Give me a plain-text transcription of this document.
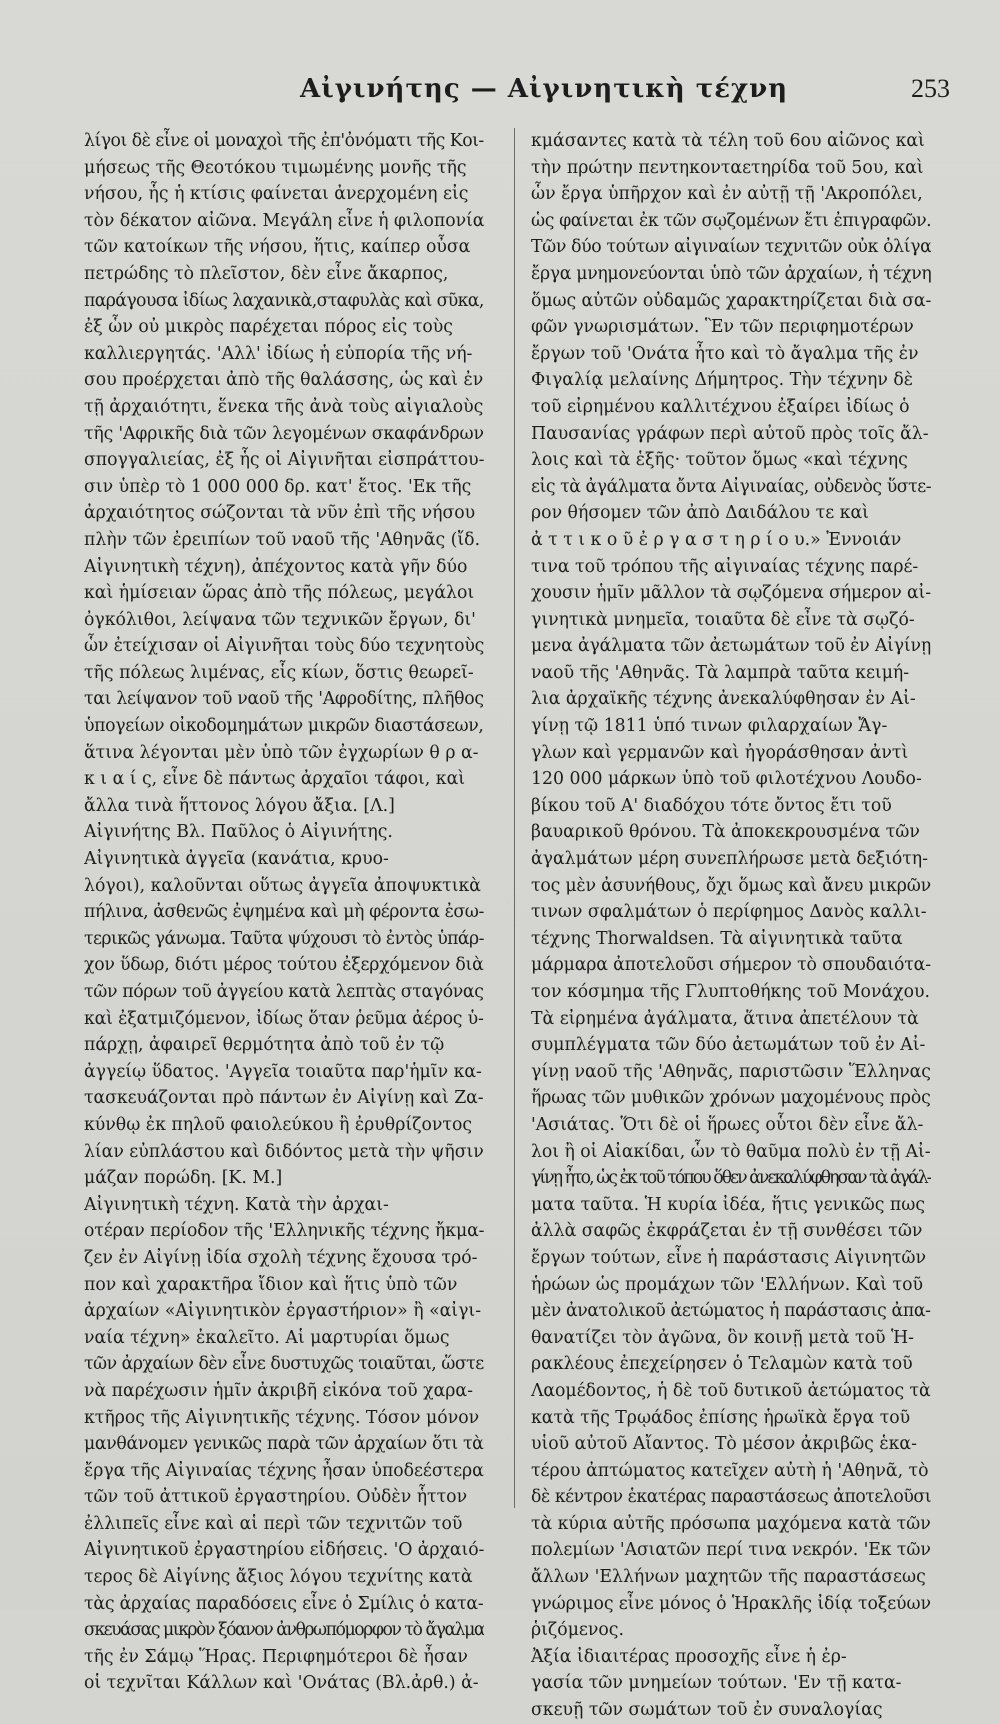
Αἰγινήτης — Αἰγινητικὴ τέχνη	253
λίγοι δὲ εἶνε οἱ μοναχοὶ τῆς ἐπ'ὀνόματι τῆς Κοι-
μήσεως τῆς Θεοτόκου τιμωμένης μονῆς τῆς
νήσου, ἧς ἡ κτίσις φαίνεται ἀνερχομένη εἰς
τὸν δέκατον αἰῶνα. Μεγάλη εἶνε ἡ φιλοπονία
τῶν κατοίκων τῆς νήσου, ἥτις, καίπερ οὖσα
πετρώδης τὸ πλεῖστον, δὲν εἶνε ἄκαρπος,
παράγουσα ἰδίως λαχανικὰ,σταφυλὰς καὶ σῦκα,
ἐξ ὧν οὐ μικρὸς παρέχεται πόρος εἰς τοὺς
καλλιεργητάς. 'Αλλ' ἰδίως ἡ εὐπορία τῆς νή-
σου προέρχεται ἀπὸ τῆς θαλάσσης, ὡς καὶ ἐν
τῇ ἀρχαιότητι, ἕνεκα τῆς ἀνὰ τοὺς αἰγιαλοὺς
τῆς 'Αφρικῆς διὰ τῶν λεγομένων σκαφάνδρων
σπογγαλιείας, ἐξ ἧς οἱ Αἰγινῆται εἰσπράττου-
σιν ὑπὲρ τὸ 1 000 000 δρ. κατ' ἔτος. 'Εκ τῆς
ἀρχαιότητος σώζονται τὰ νῦν ἐπὶ τῆς νήσου
πλὴν τῶν ἐρειπίων τοῦ ναοῦ τῆς 'Αθηνᾶς (ἴδ.
Αἰγινητικὴ τέχνη), ἀπέχοντος κατὰ γῆν δύο
καὶ ἡμίσειαν ὥρας ἀπὸ τῆς πόλεως, μεγάλοι
ὀγκόλιθοι, λείψανα τῶν τεχνικῶν ἔργων, δι'
ὧν ἐτείχισαν οἱ Αἰγινῆται τοὺς δύο τεχνητοὺς
τῆς πόλεως λιμένας, εἷς κίων, ὅστις θεωρεῖ-
ται λείψανον τοῦ ναοῦ τῆς 'Αφροδίτης, πλῆθος
ὑπογείων οἰκοδομημάτων μικρῶν διαστάσεων,
ἅτινα λέγονται μὲν ὑπὸ τῶν ἐγχωρίων θ ρ α-
κ ι α ί ς, εἶνε δὲ πάντως ἀρχαῖοι τάφοι, καὶ
ἄλλα τινὰ ἥττονος λόγου ἄξια. [Λ.]
Αἰγινήτης Βλ. Παῦλος ὁ Αἰγινήτης.
Αἰγινητικὰ ἀγγεῖα (κανάτια, κρυο-
λόγοι), καλοῦνται οὕτως ἀγγεῖα ἀποψυκτικὰ
πήλινα, ἀσθενῶς ἐψημένα καὶ μὴ φέροντα ἐσω-
τερικῶς γάνωμα. Ταῦτα ψύχουσι τὸ ἐντὸς ὑπάρ-
χον ὕδωρ, διότι μέρος τούτου ἐξερχόμενον διὰ
τῶν πόρων τοῦ ἀγγείου κατὰ λεπτὰς σταγόνας
καὶ ἐξατμιζόμενον, ἰδίως ὅταν ῥεῦμα ἀέρος ὑ-
πάρχῃ, ἀφαιρεῖ θερμότητα ἀπὸ τοῦ ἐν τῷ
ἀγγείῳ ὕδατος. 'Αγγεῖα τοιαῦτα παρ'ἡμῖν κα-
τασκευάζονται πρὸ πάντων ἐν Αἰγίνῃ καὶ Ζα-
κύνθῳ ἐκ πηλοῦ φαιολεύκου ἢ ἐρυθρίζοντος
λίαν εὐπλάστου καὶ διδόντος μετὰ τὴν ψῆσιν
μάζαν πορώδη. [Κ. Μ.]
Αἰγινητικὴ τέχνη. Κατὰ τὴν ἀρχαι-
οτέραν περίοδον τῆς 'Ελληνικῆς τέχνης ἤκμα-
ζεν ἐν Αἰγίνῃ ἰδία σχολὴ τέχνης ἔχουσα τρό-
πον καὶ χαρακτῆρα ἴδιον καὶ ἥτις ὑπὸ τῶν
ἀρχαίων «Αἰγινητικὸν ἐργαστήριον» ἢ «αἰγι-
ναία τέχνη» ἐκαλεῖτο. Αἱ μαρτυρίαι ὅμως
τῶν ἀρχαίων δὲν εἶνε δυστυχῶς τοιαῦται, ὥστε
νὰ παρέχωσιν ἡμῖν ἀκριβῆ εἰκόνα τοῦ χαρα-
κτῆρος τῆς Αἰγινητικῆς τέχνης. Τόσον μόνον
μανθάνομεν γενικῶς παρὰ τῶν ἀρχαίων ὅτι τὰ
ἔργα τῆς Αἰγιναίας τέχνης ἦσαν ὑποδεέστερα
τῶν τοῦ ἀττικοῦ ἐργαστηρίου. Οὐδὲν ἧττον
ἐλλιπεῖς εἶνε καὶ αἱ περὶ τῶν τεχνιτῶν τοῦ
Αἰγινητικοῦ ἐργαστηρίου εἰδήσεις. 'Ο ἀρχαιό-
τερος δὲ Αἰγίνης ἄξιος λόγου τεχνίτης κατὰ
τὰς ἀρχαίας παραδόσεις εἶνε ὁ Σμίλις ὁ κατα-
σκευάσας μικρὸν ξόανον ἀνθρωπόμορφον τὸ ἄγαλμα
τῆς ἐν Σάμῳ Ἥρας. Περιφημότεροι δὲ ἦσαν
οἱ τεχνῖται Κάλλων καὶ 'Ονάτας (Βλ.ἀρθ.) ἀ-
κμάσαντες κατὰ τὰ τέλη τοῦ 6ου αἰῶνος καὶ
τὴν πρώτην πεντηκονταετηρίδα τοῦ 5ου, καὶ
ὧν ἔργα ὑπῆρχον καὶ ἐν αὐτῇ τῇ 'Ακροπόλει,
ὡς φαίνεται ἐκ τῶν σῳζομένων ἔτι ἐπιγραφῶν.
Τῶν δύο τούτων αἰγιναίων τεχνιτῶν οὐκ ὀλίγα
ἔργα μνημονεύονται ὑπὸ τῶν ἀρχαίων, ἡ τέχνη
ὅμως αὐτῶν οὐδαμῶς χαρακτηρίζεται διὰ σα-
φῶν γνωρισμάτων. Ἓν τῶν περιφημοτέρων
ἔργων τοῦ 'Ονάτα ἦτο καὶ τὸ ἄγαλμα τῆς ἐν
Φιγαλίᾳ μελαίνης Δήμητρος. Τὴν τέχνην δὲ
τοῦ εἰρημένου καλλιτέχνου ἐξαίρει ἰδίως ὁ
Παυσανίας γράφων περὶ αὐτοῦ πρὸς τοῖς ἄλ-
λοις καὶ τὰ ἑξῆς· τοῦτον ὅμως «καὶ τέχνης
εἰς τὰ ἀγάλματα ὄντα Αἰγιναίας, οὐδενὸς ὕστε-
ρον θήσομεν τῶν ἀπὸ Δαιδάλου τε καὶ
ἀ τ τ ι κ ο ῦ ἐ ρ γ α σ τ η ρ ί ο υ.» Ἐννοιάν
τινα τοῦ τρόπου τῆς αἰγιναίας τέχνης παρέ-
χουσιν ἡμῖν μᾶλλον τὰ σῳζόμενα σήμερον αἰ-
γινητικὰ μνημεῖα, τοιαῦτα δὲ εἶνε τὰ σῳζό-
μενα ἀγάλματα τῶν ἀετωμάτων τοῦ ἐν Αἰγίνῃ
ναοῦ τῆς 'Αθηνᾶς. Τὰ λαμπρὰ ταῦτα κειμή-
λια ἀρχαϊκῆς τέχνης ἀνεκαλύφθησαν ἐν Αἰ-
γίνῃ τῷ 1811 ὑπό τινων φιλαρχαίων Ἄγ-
γλων καὶ γερμανῶν καὶ ἠγοράσθησαν ἀντὶ
120 000 μάρκων ὑπὸ τοῦ φιλοτέχνου Λουδο-
βίκου τοῦ Α' διαδόχου τότε ὄντος ἔτι τοῦ
βαυαρικοῦ θρόνου. Τὰ ἀποκεκρουσμένα τῶν
ἀγαλμάτων μέρη συνεπλήρωσε μετὰ δεξιότη-
τος μὲν ἀσυνήθους, ὄχι ὅμως καὶ ἄνευ μικρῶν
τινων σφαλμάτων ὁ περίφημος Δανὸς καλλι-
τέχνης Thorwaldsen. Τὰ αἰγινητικὰ ταῦτα
μάρμαρα ἀποτελοῦσι σήμερον τὸ σπουδαιότα-
τον κόσμημα τῆς Γλυπτοθήκης τοῦ Μονάχου.
Τὰ εἰρημένα ἀγάλματα, ἅτινα ἀπετέλουν τὰ
συμπλέγματα τῶν δύο ἀετωμάτων τοῦ ἐν Αἰ-
γίνῃ ναοῦ τῆς 'Αθηνᾶς, παριστῶσιν Ἕλληνας
ἥρωας τῶν μυθικῶν χρόνων μαχομένους πρὸς
'Ασιάτας. Ὅτι δὲ οἱ ἥρωες οὗτοι δὲν εἶνε ἄλ-
λοι ἢ οἱ Αἰακίδαι, ὧν τὸ θαῦμα πολὺ ἐν τῇ Αἰ-
γίνῃ ἦτο, ὡς ἐκ τοῦ τόπου ὅθεν ἀνεκαλύφθησαν τὰ ἀγάλ-
ματα ταῦτα. Ἡ κυρία ἰδέα, ἥτις γενικῶς πως
ἀλλὰ σαφῶς ἐκφράζεται ἐν τῇ συνθέσει τῶν
ἔργων τούτων, εἶνε ἡ παράστασις Αἰγινητῶν
ἡρώων ὡς προμάχων τῶν 'Ελλήνων. Καὶ τοῦ
μὲν ἀνατολικοῦ ἀετώματος ἡ παράστασις ἀπα-
θανατίζει τὸν ἀγῶνα, ὃν κοινῇ μετὰ τοῦ Ἡ-
ρακλέους ἐπεχείρησεν ὁ Τελαμὼν κατὰ τοῦ
Λαομέδοντος, ἡ δὲ τοῦ δυτικοῦ ἀετώματος τὰ
κατὰ τῆς Τρῳάδος ἐπίσης ἡρωϊκὰ ἔργα τοῦ
υἱοῦ αὐτοῦ Αἴαντος. Τὸ μέσον ἀκριβῶς ἑκα-
τέρου ἀπτώματος κατεῖχεν αὐτὴ ἡ 'Αθηνᾶ, τὸ
δὲ κέντρον ἑκατέρας παραστάσεως ἀποτελοῦσι
τὰ κύρια αὐτῆς πρόσωπα μαχόμενα κατὰ τῶν
πολεμίων 'Ασιατῶν περί τινα νεκρόν. 'Εκ τῶν
ἄλλων 'Ελλήνων μαχητῶν τῆς παραστάσεως
γνώριμος εἶνε μόνος ὁ Ἡρακλῆς ἰδίᾳ τοξεύων
ῥιζόμενος.
Ἀξία ἰδιαιτέρας προσοχῆς εἶνε ἡ ἐρ-
γασία τῶν μνημείων τούτων. 'Εν τῇ κατα-
σκευῇ τῶν σωμάτων τοῦ ἐν συναλογίας
